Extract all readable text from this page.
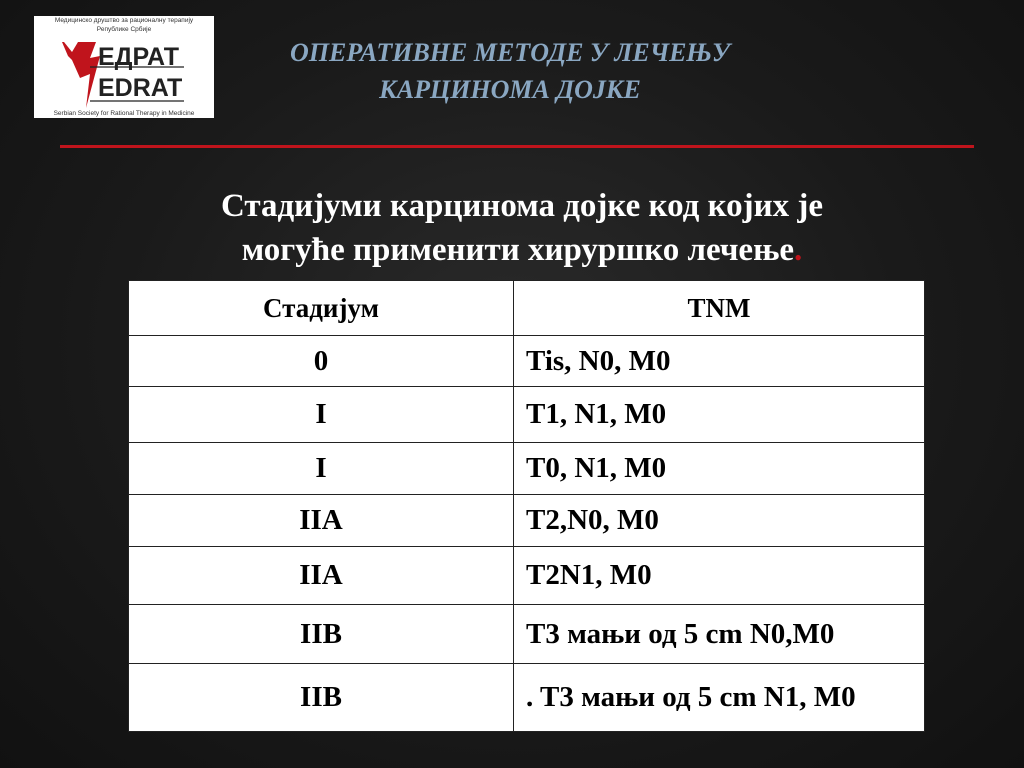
Медицинско друштво за рационалну терапију
Републике Србије
ЕДРАТ
EDRAT
Serbian Society for Rational Therapy in Medicine
ОПЕРАТИВНЕ МЕТОДЕ У ЛЕЧЕЊУ
КАРЦИНОМА ДОЈКЕ
Стадијуми карцинома дојке код којих је
могуће применити хируршко лечење.
Стадијум	TNM
0	Tis, N0, M0
I	T1, N1, M0
I	T0, N1, M0
IIA	T2,N0, M0
IIA	T2N1, M0
IIB	T3 мањи од 5 cm N0,M0
IIB	. T3 мањи од 5 cm N1, M0
